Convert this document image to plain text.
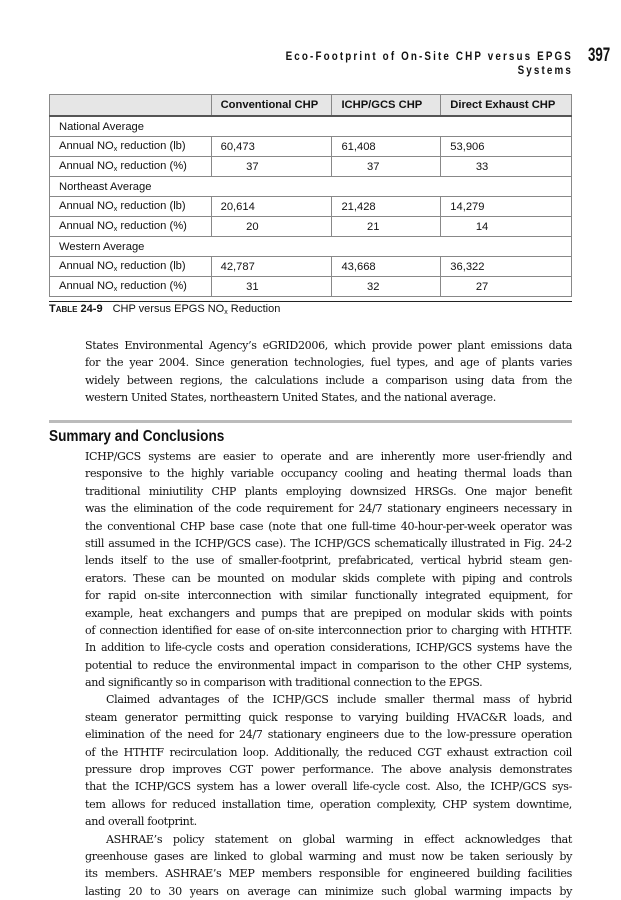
Eco-Footprint of On-Site CHP versus EPGS Systems
397
	Conventional CHP	ICHP/GCS CHP	Direct Exhaust CHP
National Average			
Annual $NO_x$ reduction (lb)	60,473	61,408	53,906
Annual $NO_x$ reduction (%)	37	37	33
Northeast Average			
Annual $NO_x$ reduction (lb)	20,614	21,428	14,279
Annual $NO_x$ reduction (%)	20	21	14
Western Average			
Annual $NO_x$ reduction (lb)	42,787	43,668	36,322
Annual $NO_x$ reduction (%)	31	32	27
Table 24-9 CHP versus EPGS $NO_x$ Reduction
States Environmental Agency’s eGRID2006, which provide power plant emissions data
for the year 2004. Since generation technologies, fuel types, and age of plants varies
widely between regions, the calculations include a comparison using data from the
western United States, northeastern United States, and the national average.
Summary and Conclusions
ICHP/GCS systems are easier to operate and are inherently more user-friendly and
responsive to the highly variable occupancy cooling and heating thermal loads than
traditional miniutility CHP plants employing downsized HRSGs. One major benefit
was the elimination of the code requirement for 24/7 stationary engineers necessary in
the conventional CHP base case (note that one full-time 40-hour-per-week operator was
still assumed in the ICHP/GCS case). The ICHP/GCS schematically illustrated in Fig. 24-2
lends itself to the use of smaller-footprint, prefabricated, vertical hybrid steam gen-
erators. These can be mounted on modular skids complete with piping and controls
for rapid on-site interconnection with similar functionally integrated equipment, for
example, heat exchangers and pumps that are prepiped on modular skids with points
of connection identified for ease of on-site interconnection prior to charging with HTHTF.
In addition to life-cycle costs and operation considerations, ICHP/GCS systems have the
potential to reduce the environmental impact in comparison to the other CHP systems,
and significantly so in comparison with traditional connection to the EPGS.
Claimed advantages of the ICHP/GCS include smaller thermal mass of hybrid
steam generator permitting quick response to varying building HVAC&R loads, and
elimination of the need for 24/7 stationary engineers due to the low-pressure operation
of the HTHTF recirculation loop. Additionally, the reduced CGT exhaust extraction coil
pressure drop improves CGT power performance. The above analysis demonstrates
that the ICHP/GCS system has a lower overall life-cycle cost. Also, the ICHP/GCS sys-
tem allows for reduced installation time, operation complexity, CHP system downtime,
and overall footprint.
ASHRAE’s policy statement on global warming in effect acknowledges that
greenhouse gases are linked to global warming and must now be taken seriously by
its members. ASHRAE’s MEP members responsible for engineered building facilities
lasting 20 to 30 years on average can minimize such global warming impacts by
